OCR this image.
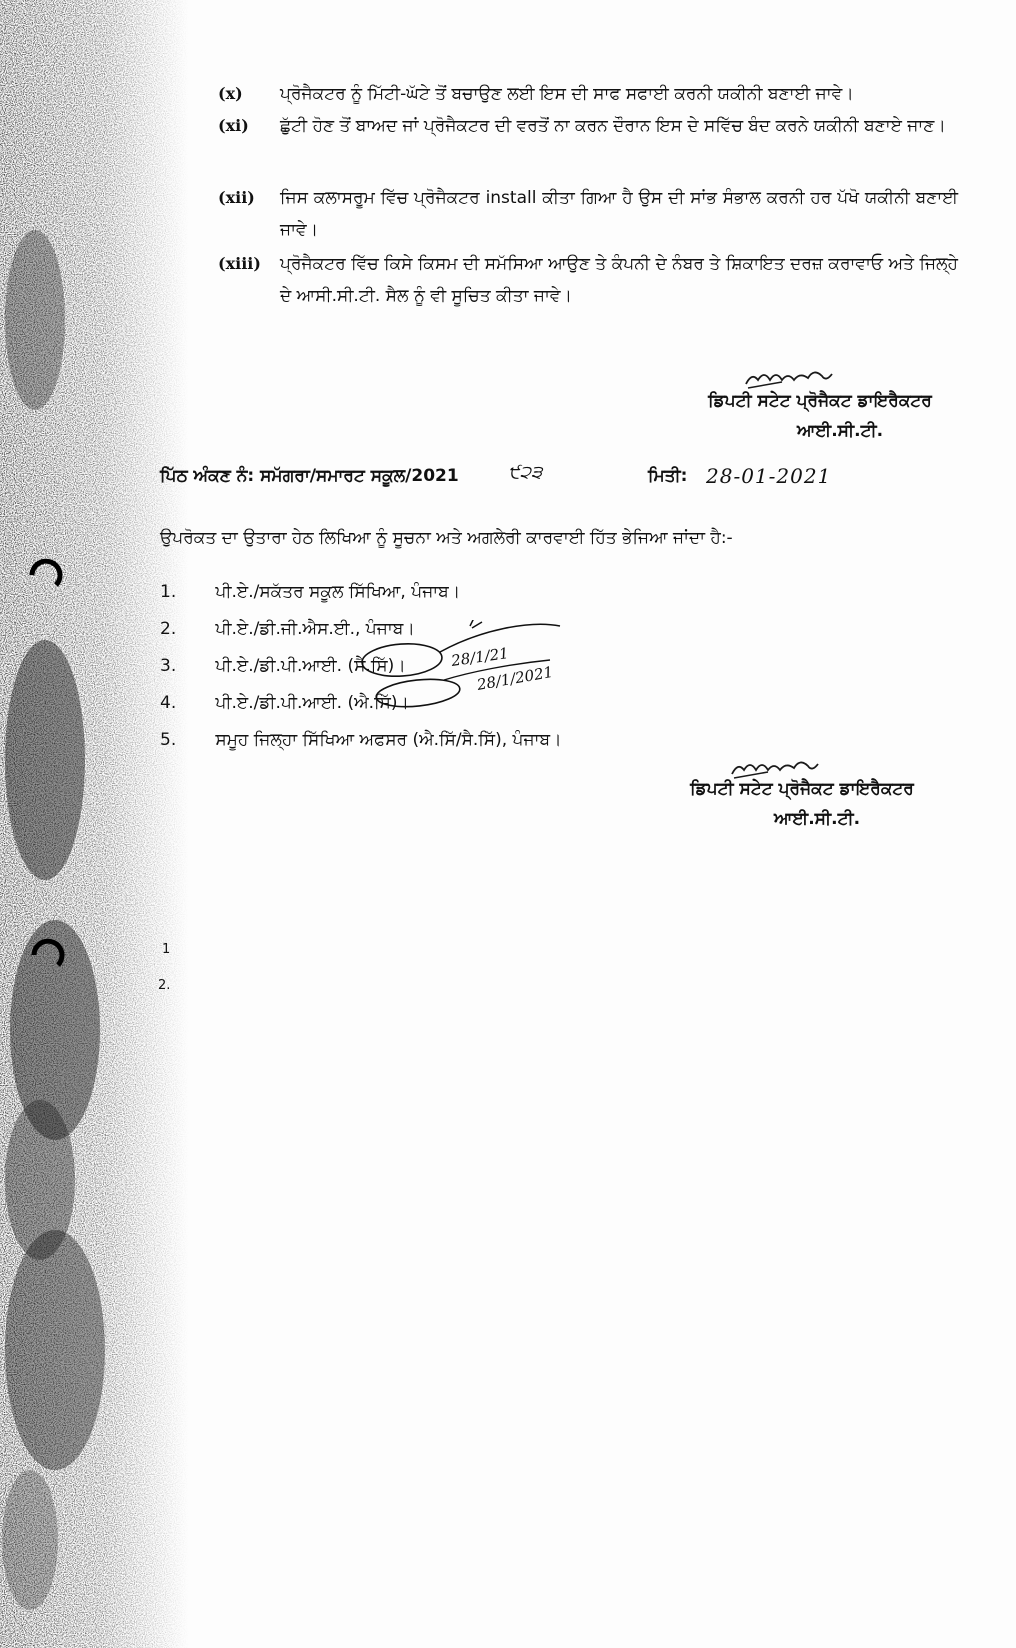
1
2.
(x)	ਪ੍ਰੋਜੈਕਟਰ ਨੂੰ ਮਿੱਟੀ-ਘੱਟੇ ਤੋਂ ਬਚਾਉਣ ਲਈ ਇਸ ਦੀ ਸਾਫ ਸਫਾਈ ਕਰਨੀ ਯਕੀਨੀ ਬਣਾਈ ਜਾਵੇ।
(xi)	ਛੁੱਟੀ ਹੋਣ ਤੋਂ ਬਾਅਦ ਜਾਂ ਪ੍ਰੋਜੈਕਟਰ ਦੀ ਵਰਤੋਂ ਨਾ ਕਰਨ ਦੌਰਾਨ ਇਸ ਦੇ ਸਵਿੱਚ ਬੰਦ ਕਰਨੇ ਯਕੀਨੀ ਬਣਾਏ ਜਾਣ।
(xii)	ਜਿਸ ਕਲਾਸਰੂਮ ਵਿੱਚ ਪ੍ਰੋਜੈਕਟਰ install ਕੀਤਾ ਗਿਆ ਹੈ ਉਸ ਦੀ ਸਾਂਭ ਸੰਭਾਲ ਕਰਨੀ ਹਰ ਪੱਖੋ ਯਕੀਨੀ ਬਣਾਈ ਜਾਵੇ।
(xiii)	ਪ੍ਰੋਜੈਕਟਰ ਵਿੱਚ ਕਿਸੇ ਕਿਸਮ ਦੀ ਸਮੱਸਿਆ ਆਉਣ ਤੇ ਕੰਪਨੀ ਦੇ ਨੰਬਰ ਤੇ ਸ਼ਿਕਾਇਤ ਦਰਜ਼ ਕਰਾਵਾਓ ਅਤੇ ਜਿਲ੍ਹੇ ਦੇ ਆਸੀ.ਸੀ.ਟੀ. ਸੈਲ ਨੂੰ ਵੀ ਸੂਚਿਤ ਕੀਤਾ ਜਾਵੇ।
ਡਿਪਟੀ ਸਟੇਟ ਪ੍ਰੋਜੈਕਟ ਡਾਇਰੈਕਟਰ
ਆਈ.ਸੀ.ਟੀ.
ਪਿੱਠ ਅੰਕਣ ਨੰ: ਸਮੱਗਰਾ/ਸਮਾਰਟ ਸਕੂਲ/2021	੯੨੩	ਮਿਤੀ: 28-01-2021
ਉਪਰੋਕਤ ਦਾ ਉਤਾਰਾ ਹੇਠ ਲਿਖਿਆ ਨੂੰ ਸੂਚਨਾ ਅਤੇ ਅਗਲੇਰੀ ਕਾਰਵਾਈ ਹਿੱਤ ਭੇਜਿਆ ਜਾਂਦਾ ਹੈ:-
1. ਪੀ.ਏ./ਸਕੱਤਰ ਸਕੂਲ ਸਿੱਖਿਆ, ਪੰਜਾਬ।
2. ਪੀ.ਏ./ਡੀ.ਜੀ.ਐਸ.ਈ., ਪੰਜਾਬ।
3. ਪੀ.ਏ./ਡੀ.ਪੀ.ਆਈ. (ਸੈ.ਸਿੱ)।
4. ਪੀ.ਏ./ਡੀ.ਪੀ.ਆਈ. (ਐ.ਸਿੱ)।
5. ਸਮੂਹ ਜਿਲ੍ਹਾ ਸਿੱਖਿਆ ਅਫਸਰ (ਐ.ਸਿੱ/ਸੈ.ਸਿੱ), ਪੰਜਾਬ।
28/1/21
28/1/2021
ਡਿਪਟੀ ਸਟੇਟ ਪ੍ਰੋਜੈਕਟ ਡਾਇਰੈਕਟਰ
ਆਈ.ਸੀ.ਟੀ.
